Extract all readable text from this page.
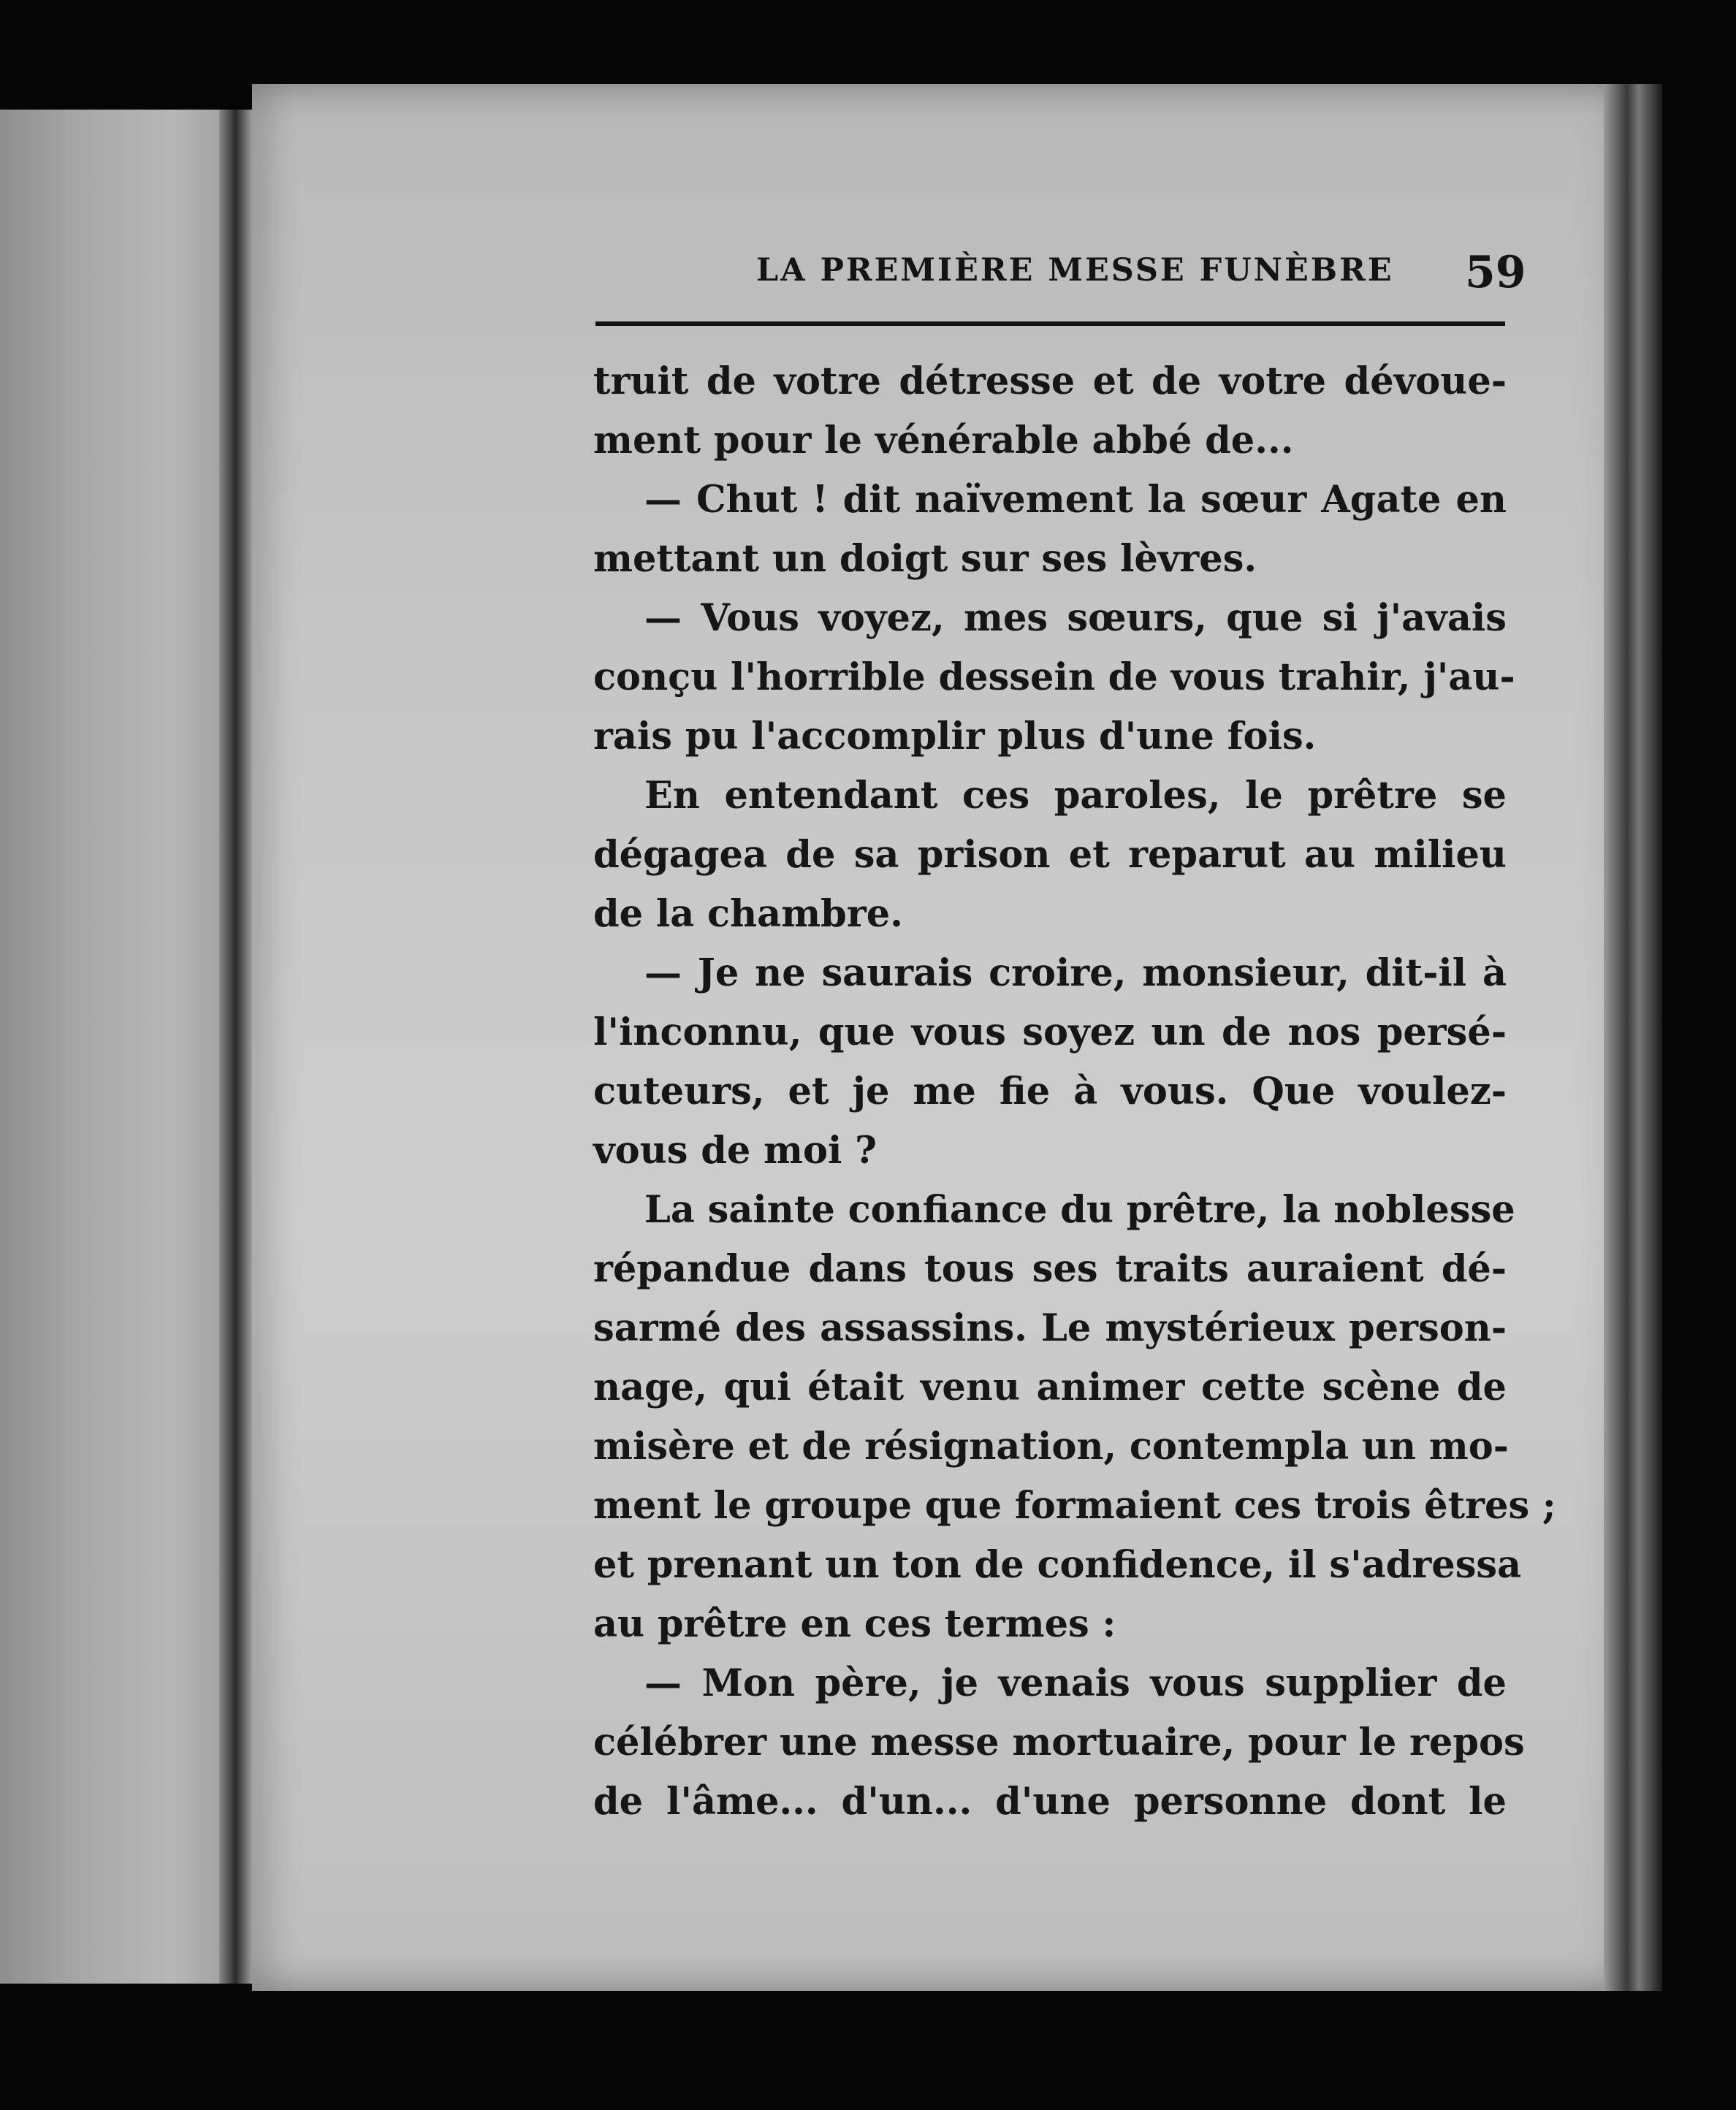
LA PREMIÈRE MESSE FUNÈBRE 59
truit de votre détresse et de votre dévoue-
ment pour le vénérable abbé de...
— Chut ! dit naïvement la sœur Agate en
mettant un doigt sur ses lèvres.
— Vous voyez, mes sœurs, que si j'avais
conçu l'horrible dessein de vous trahir, j'au-
rais pu l'accomplir plus d'une fois.
En entendant ces paroles, le prêtre se
dégagea de sa prison et reparut au milieu
de la chambre.
— Je ne saurais croire, monsieur, dit-il à
l'inconnu, que vous soyez un de nos persé-
cuteurs, et je me fie à vous. Que voulez-
vous de moi ?
La sainte confiance du prêtre, la noblesse
répandue dans tous ses traits auraient dé-
sarmé des assassins. Le mystérieux person-
nage, qui était venu animer cette scène de
misère et de résignation, contempla un mo-
ment le groupe que formaient ces trois êtres ;
et prenant un ton de confidence, il s'adressa
au prêtre en ces termes :
— Mon père, je venais vous supplier de
célébrer une messe mortuaire, pour le repos
de l'âme... d'un... d'une personne dont le
